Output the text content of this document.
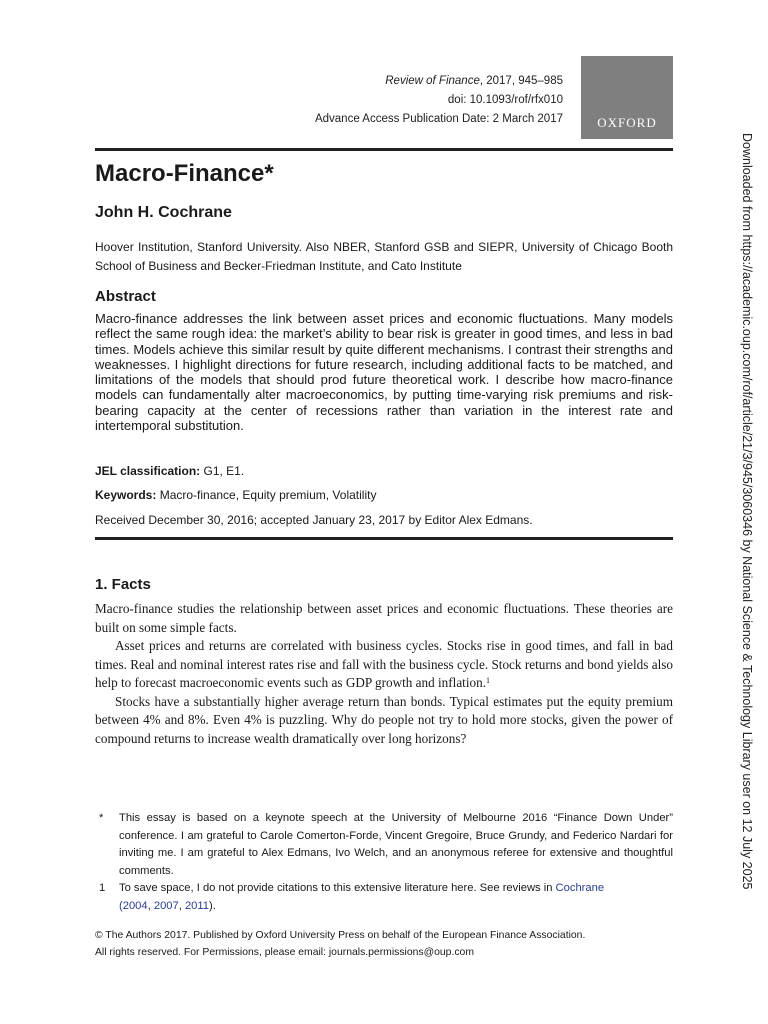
Review of Finance, 2017, 945–985
doi: 10.1093/rof/rfx010
Advance Access Publication Date: 2 March 2017	OXFORD
Macro-Finance*
John H. Cochrane
Hoover Institution, Stanford University. Also NBER, Stanford GSB and SIEPR, University of Chicago Booth School of Business and Becker-Friedman Institute, and Cato Institute
Abstract
Macro-finance addresses the link between asset prices and economic fluctuations. Many models reflect the same rough idea: the market’s ability to bear risk is greater in good times, and less in bad times. Models achieve this similar result by quite different mechanisms. I contrast their strengths and weaknesses. I highlight directions for future research, including additional facts to be matched, and limitations of the models that should prod future theoretical work. I describe how macro-finance models can fundamentally alter macroeconomics, by putting time-varying risk premiums and risk-bearing capacity at the center of recessions rather than variation in the interest rate and intertemporal substitution.
JEL classification: G1, E1.
Keywords: Macro-finance, Equity premium, Volatility
Received December 30, 2016; accepted January 23, 2017 by Editor Alex Edmans.
1. Facts

Macro-finance studies the relationship between asset prices and economic fluctuations. These theories are built on some simple facts.

Asset prices and returns are correlated with business cycles. Stocks rise in good times, and fall in bad times. Real and nominal interest rates rise and fall with the business cycle. Stock returns and bond yields also help to forecast macroeconomic events such as GDP growth and inflation.$^1$

Stocks have a substantially higher average return than bonds. Typical estimates put the equity premium between 4% and 8%. Even 4% is puzzling. Why do people not try to hold more stocks, given the power of compound returns to increase wealth dramatically over long horizons?

* This essay is based on a keynote speech at the University of Melbourne 2016 “Finance Down Under” conference. I am grateful to Carole Comerton-Forde, Vincent Gregoire, Bruce Grundy, and Federico Nardari for inviting me. I am grateful to Alex Edmans, Ivo Welch, and an anonymous referee for extensive and thoughtful comments.
1 To save space, I do not provide citations to this extensive literature here. See reviews in Cochrane
(2004, 2007, 2011).
© The Authors 2017. Published by Oxford University Press on behalf of the European Finance Association.
All rights reserved. For Permissions, please email: journals.permissions@oup.com
Downloaded from https://academic.oup.com/rof/article/21/3/945/3060346 by National Science & Technology Library user on 12 July 2025
